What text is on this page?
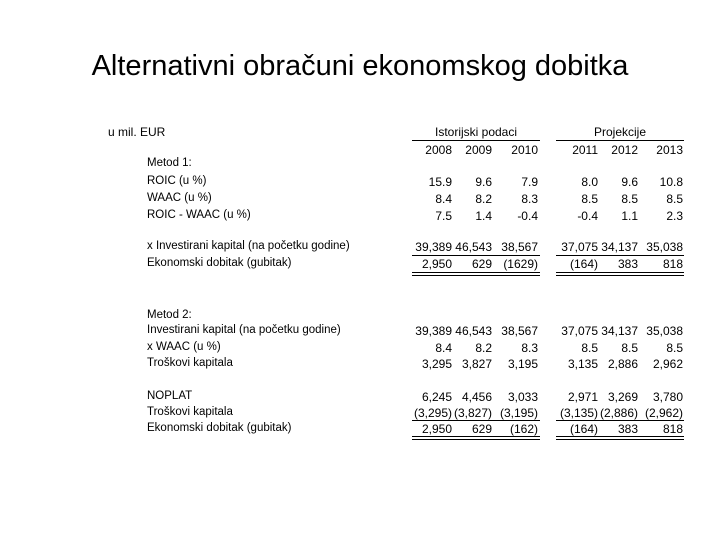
Alternativni obračuni ekonomskog dobitka
u mil. EUR	Istorijski podaci	Projekcije
2008	2009	2010	2011	2012	2013
Metod 1:
ROIC (u %)	15.9 9.6 7.9	8.0 9.6 10.8
WAAC (u %)	8.4 8.2 8.3	8.5 8.5 8.5
ROIC - WAAC (u %)	7.5 1.4 -0.4	-0.4 1.1 2.3
x Investirani kapital (na početku godine)	39,389 46,543 38,567 37,075 34,137 35,038
Ekonomski dobitak (gubitak)	2,950 629 (1629)	(164) 383 818
Metod 2:
Investirani kapital (na početku godine)	39,389 46,543 38,567 37,075 34,137 35,038
x WAAC (u %)	8.4 8.2 8.3	8.5 8.5 8.5
Troškovi kapitala	3,295 3,827 3,195 3,135 2,886 2,962
NOPLAT	6,245 4,456 3,033 2,971 3,269 3,780
Troškovi kapitala	(3,295) (3,827) (3,195) (3,135) (2,886) (2,962)
Ekonomski dobitak (gubitak)	2,950 629 (162)	(164) 383 818
